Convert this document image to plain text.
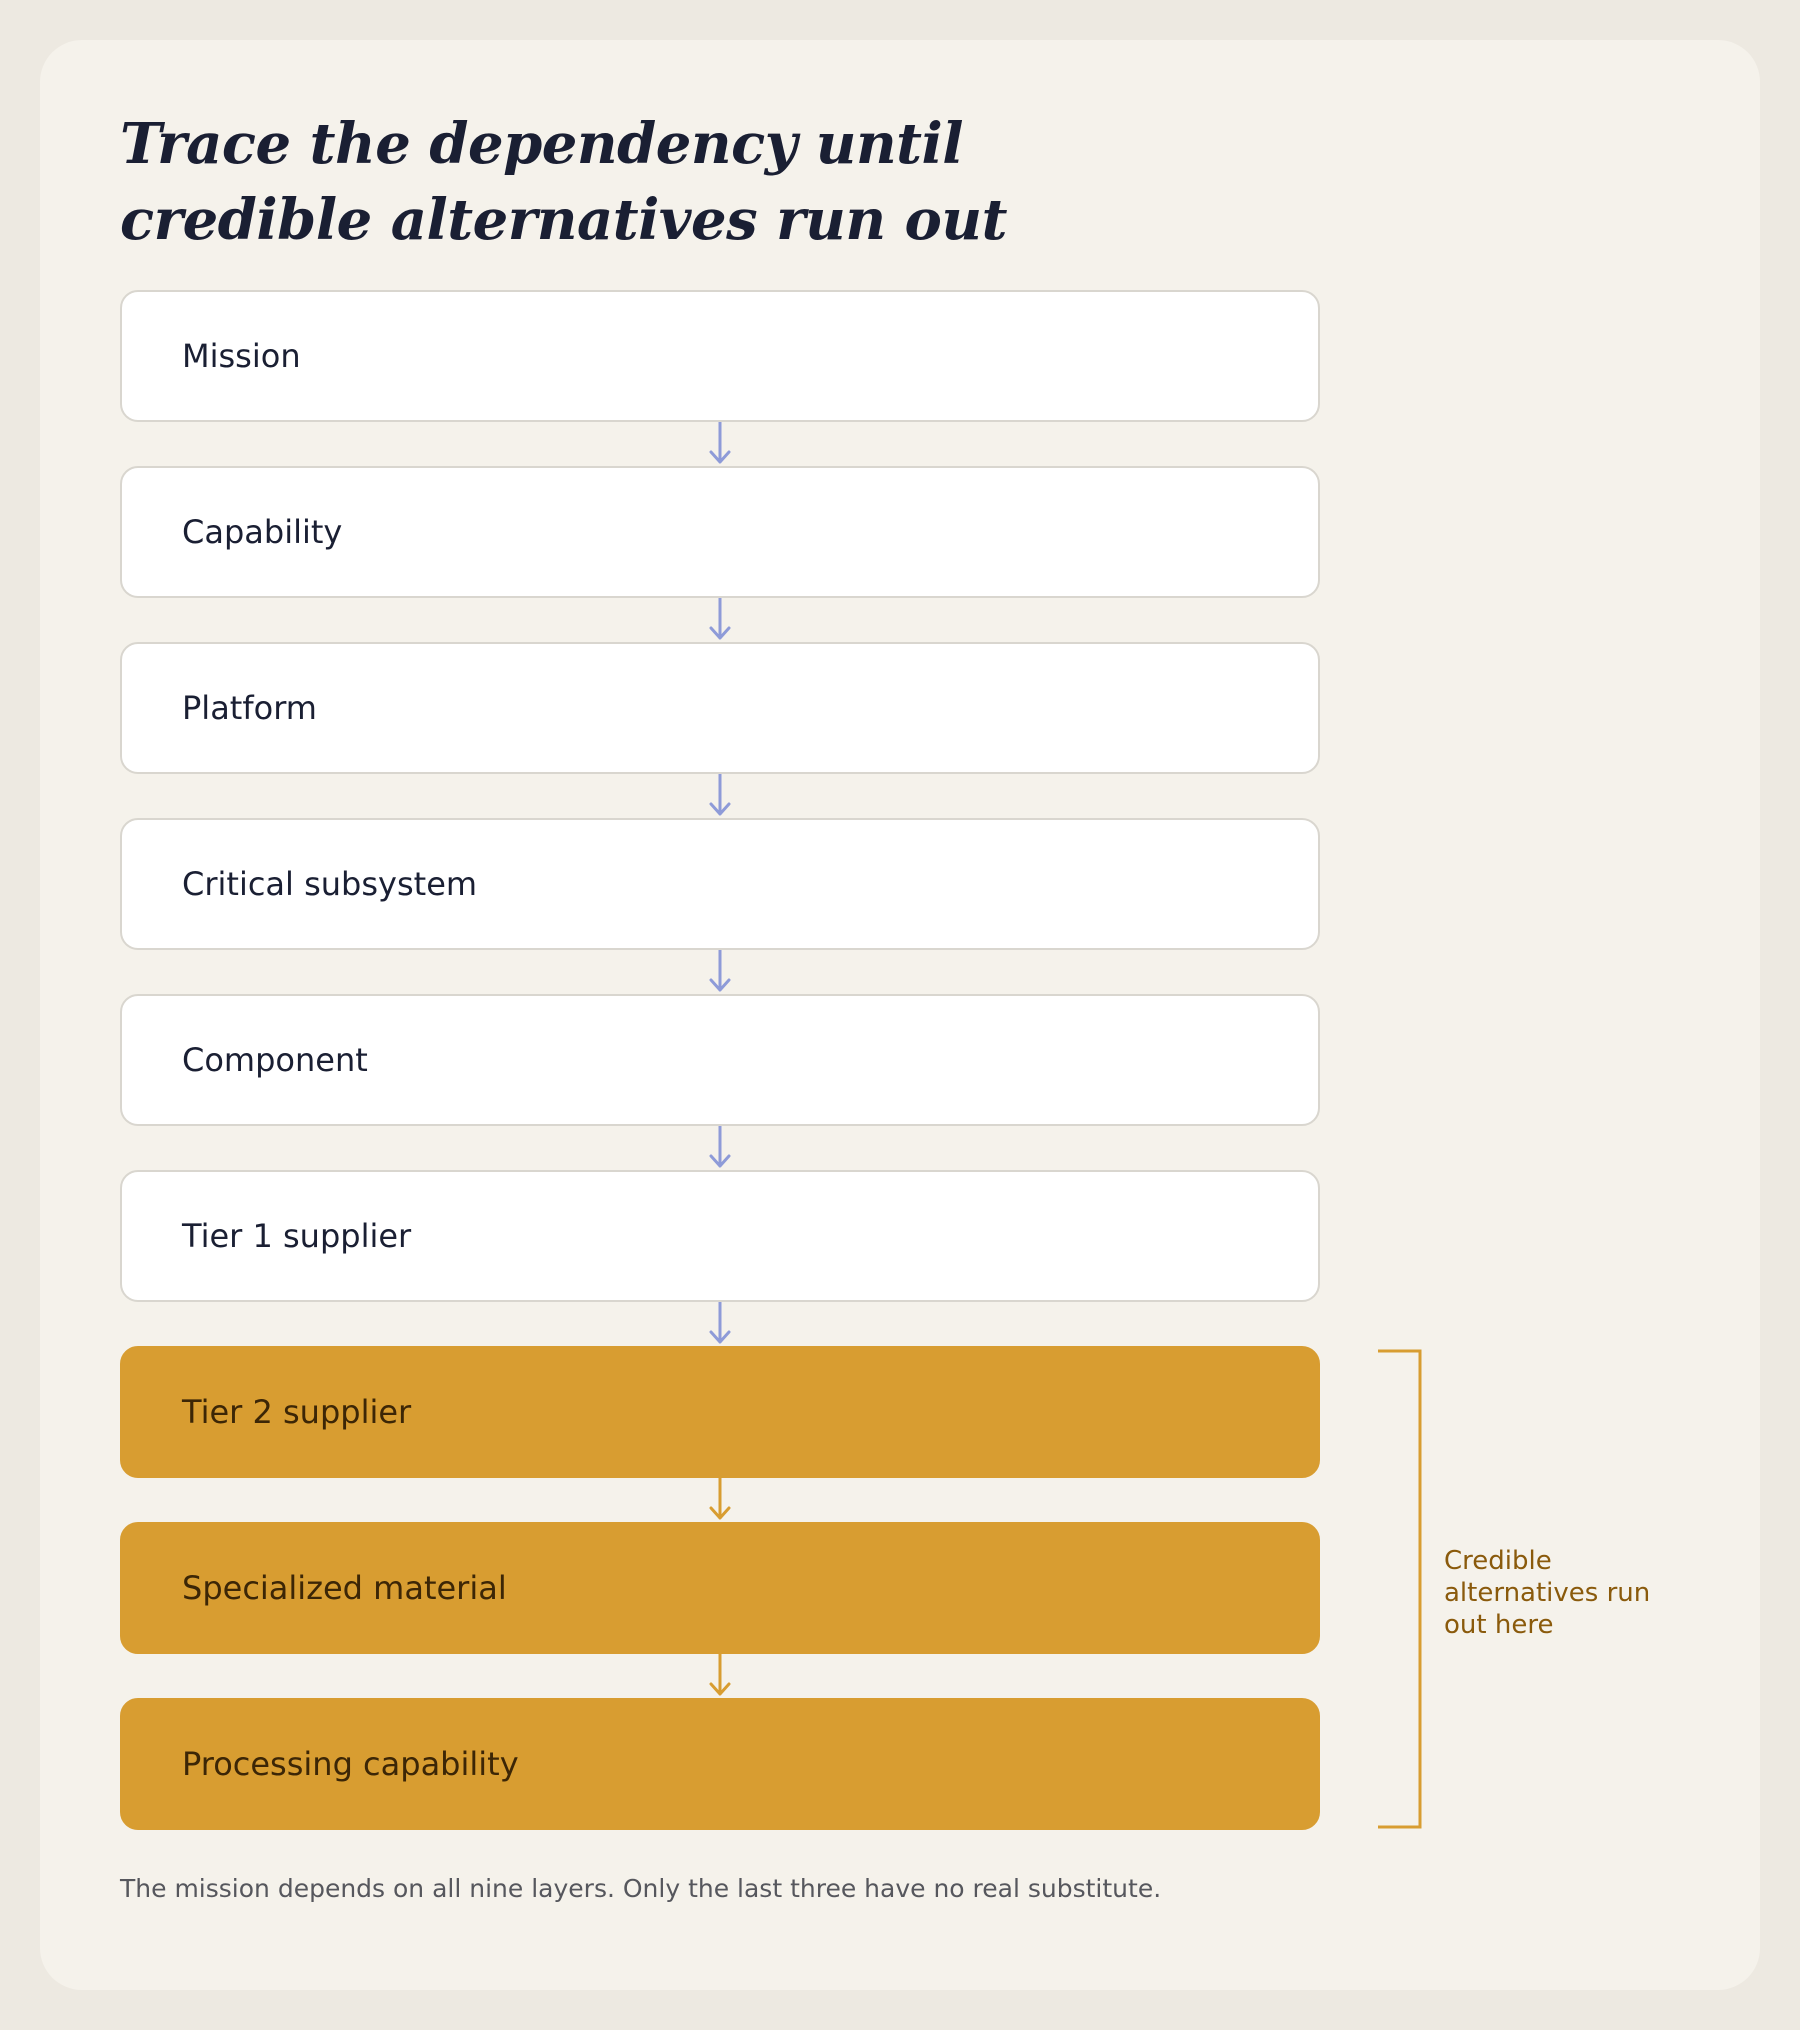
Trace the dependency until
credible alternatives run out
Mission
Capability
Platform
Critical subsystem
Component
Tier 1 supplier
Tier 2 supplier
Specialized material
Processing capability
Credible alternatives run out here
The mission depends on all nine layers. Only the last three have no real substitute.
